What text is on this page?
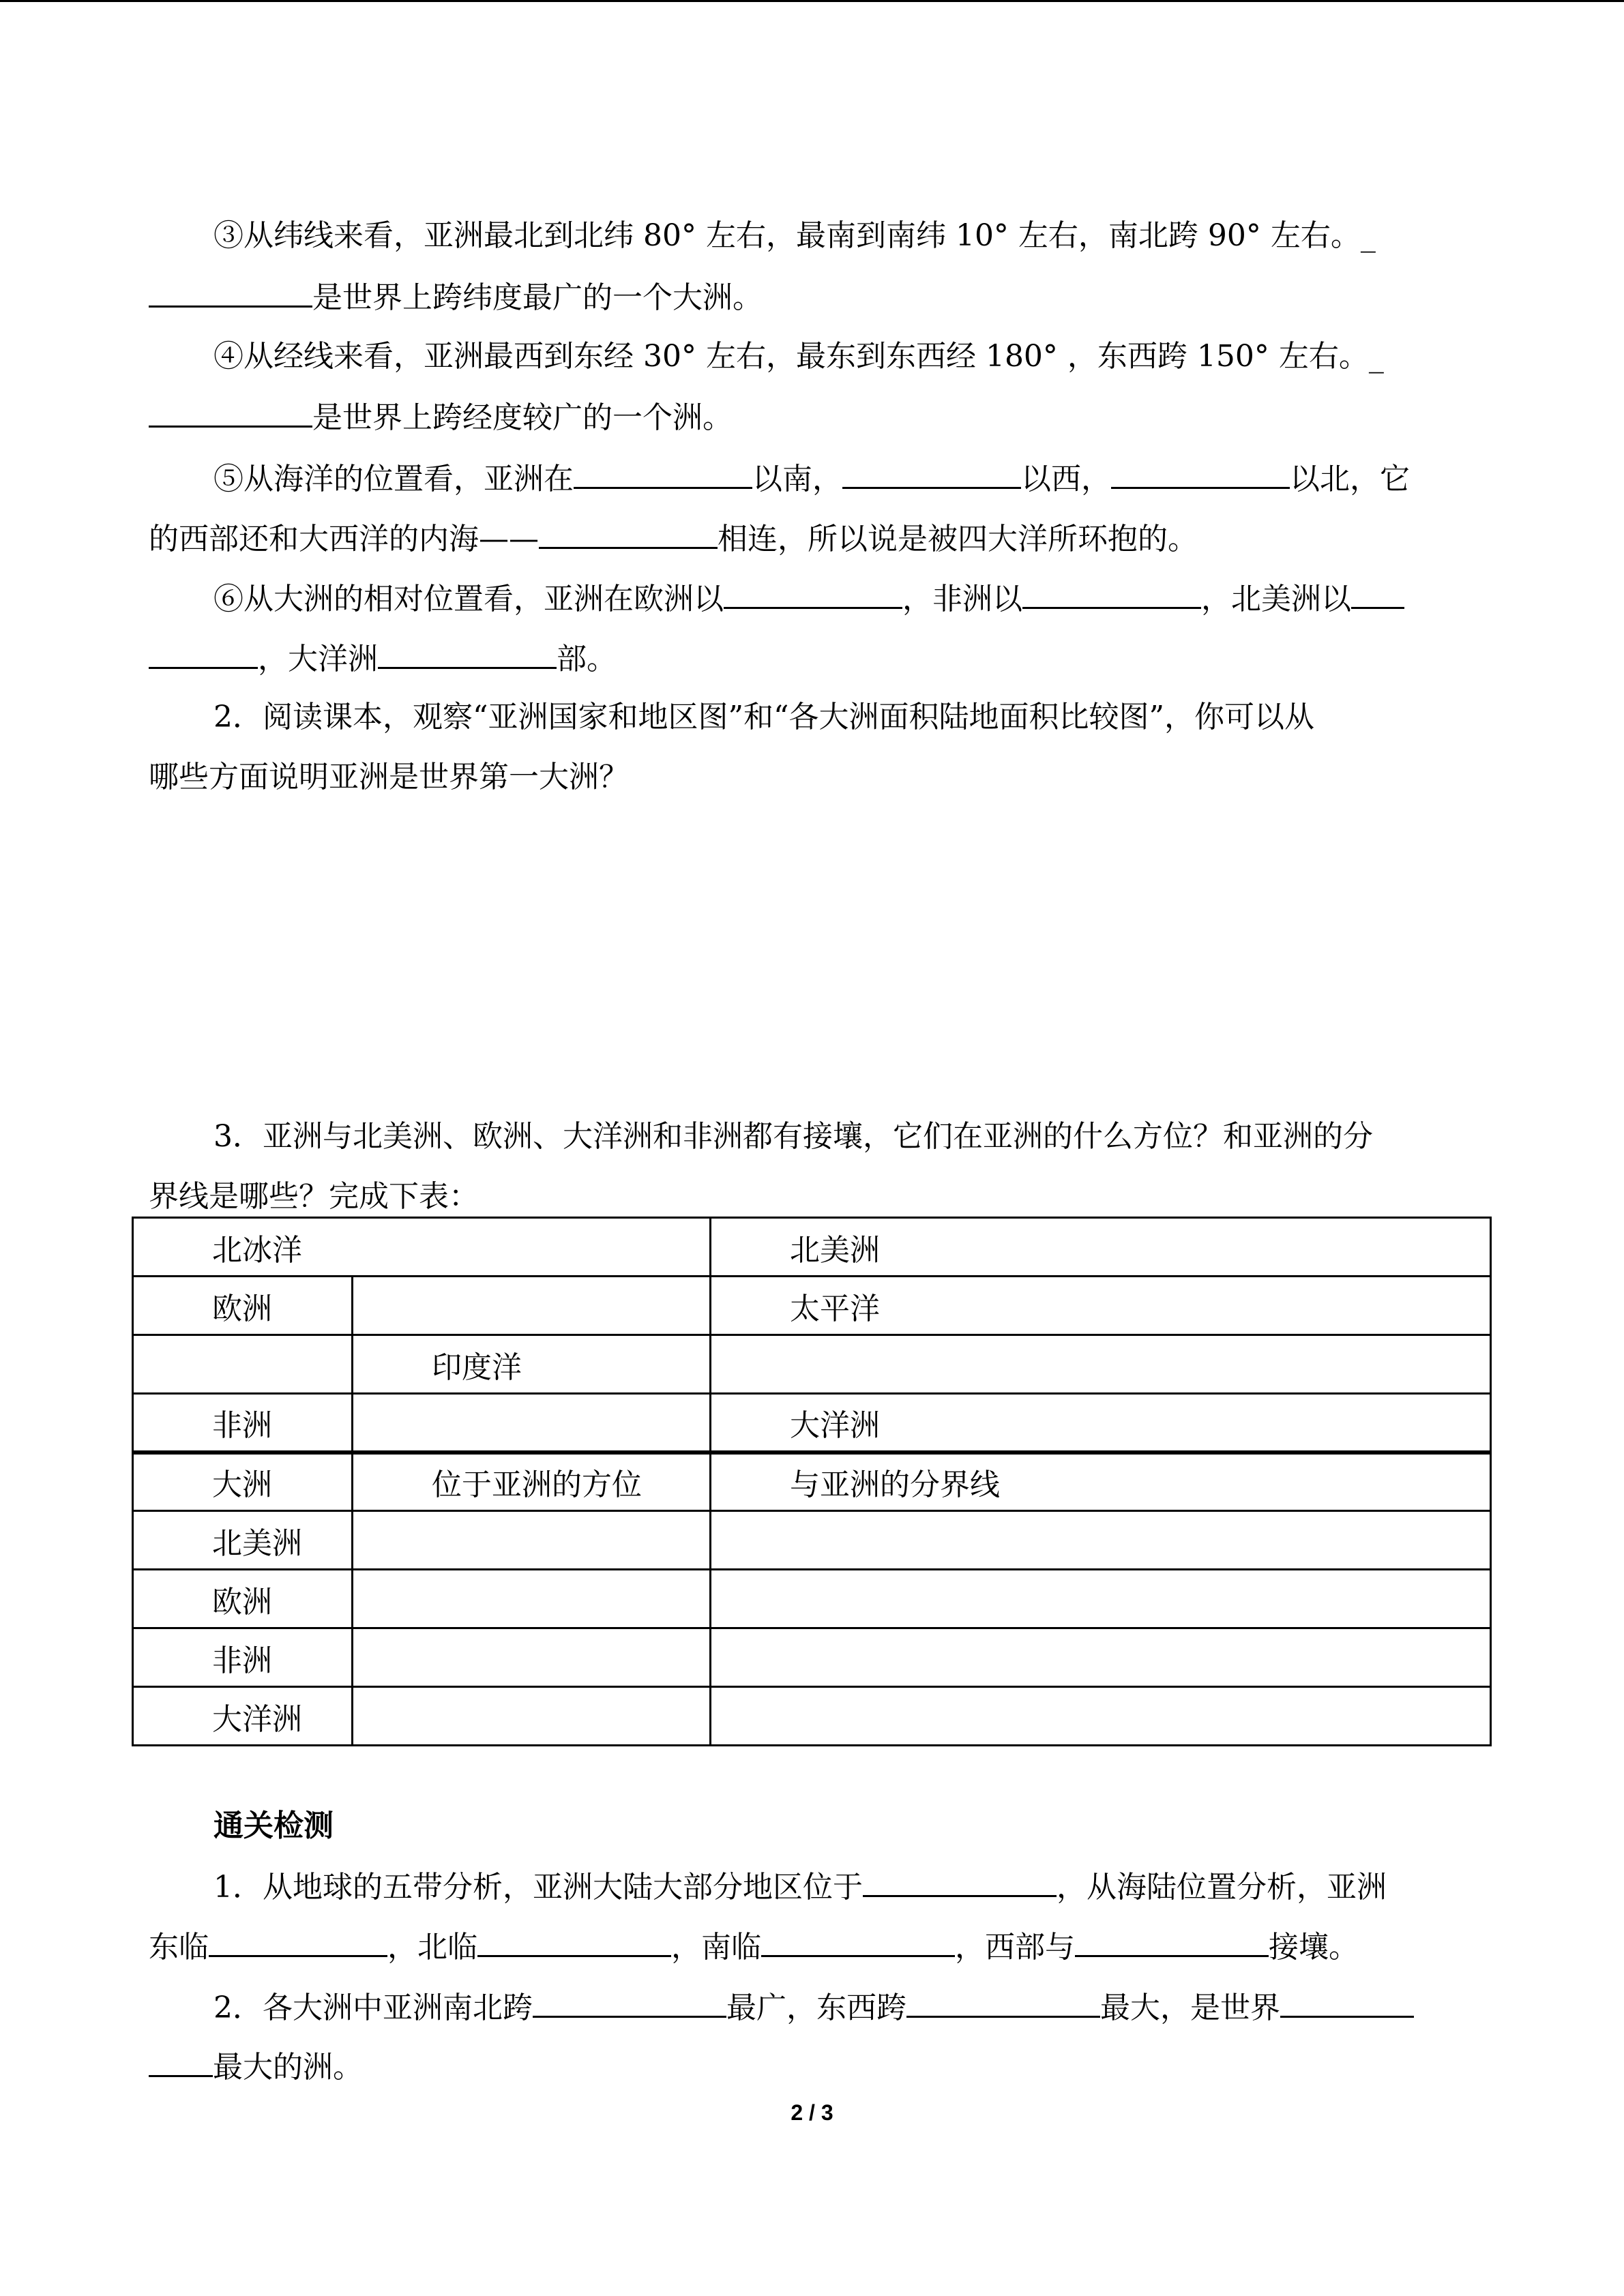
③从纬线来看，亚洲最北到北纬 80° 左右，最南到南纬 10° 左右，南北跨 90° 左右。_
是世界上跨纬度最广的一个大洲。
④从经线来看，亚洲最西到东经 30° 左右，最东到东西经 180° ，东西跨 150° 左右。_
是世界上跨经度较广的一个洲。
⑤从海洋的位置看，亚洲在	以南，	以西，	以北，它
的西部还和大西洋的内海——	相连，所以说是被四大洋所环抱的。
⑥从大洲的相对位置看，亚洲在欧洲以	，非洲以	，北美洲以
，大洋洲	部。
2．阅读课本，观察“亚洲国家和地区图”和“各大洲面积陆地面积比较图”，你可以从
哪些方面说明亚洲是世界第一大洲？
3．亚洲与北美洲、欧洲、大洋洲和非洲都有接壤，它们在亚洲的什么方位？和亚洲的分
界线是哪些？完成下表：
北冰洋		北美洲
欧洲		太平洋
	印度洋	
非洲		大洋洲
大洲	位于亚洲的方位	与亚洲的分界线
北美洲		
欧洲		
非洲		
大洋洲		
通关检测
1．从地球的五带分析，亚洲大陆大部分地区位于	，从海陆位置分析，亚洲
东临	，北临	，南临	，西部与	接壤。
2．各大洲中亚洲南北跨	最广，东西跨	最大，是世界
最大的洲。
2 / 3
